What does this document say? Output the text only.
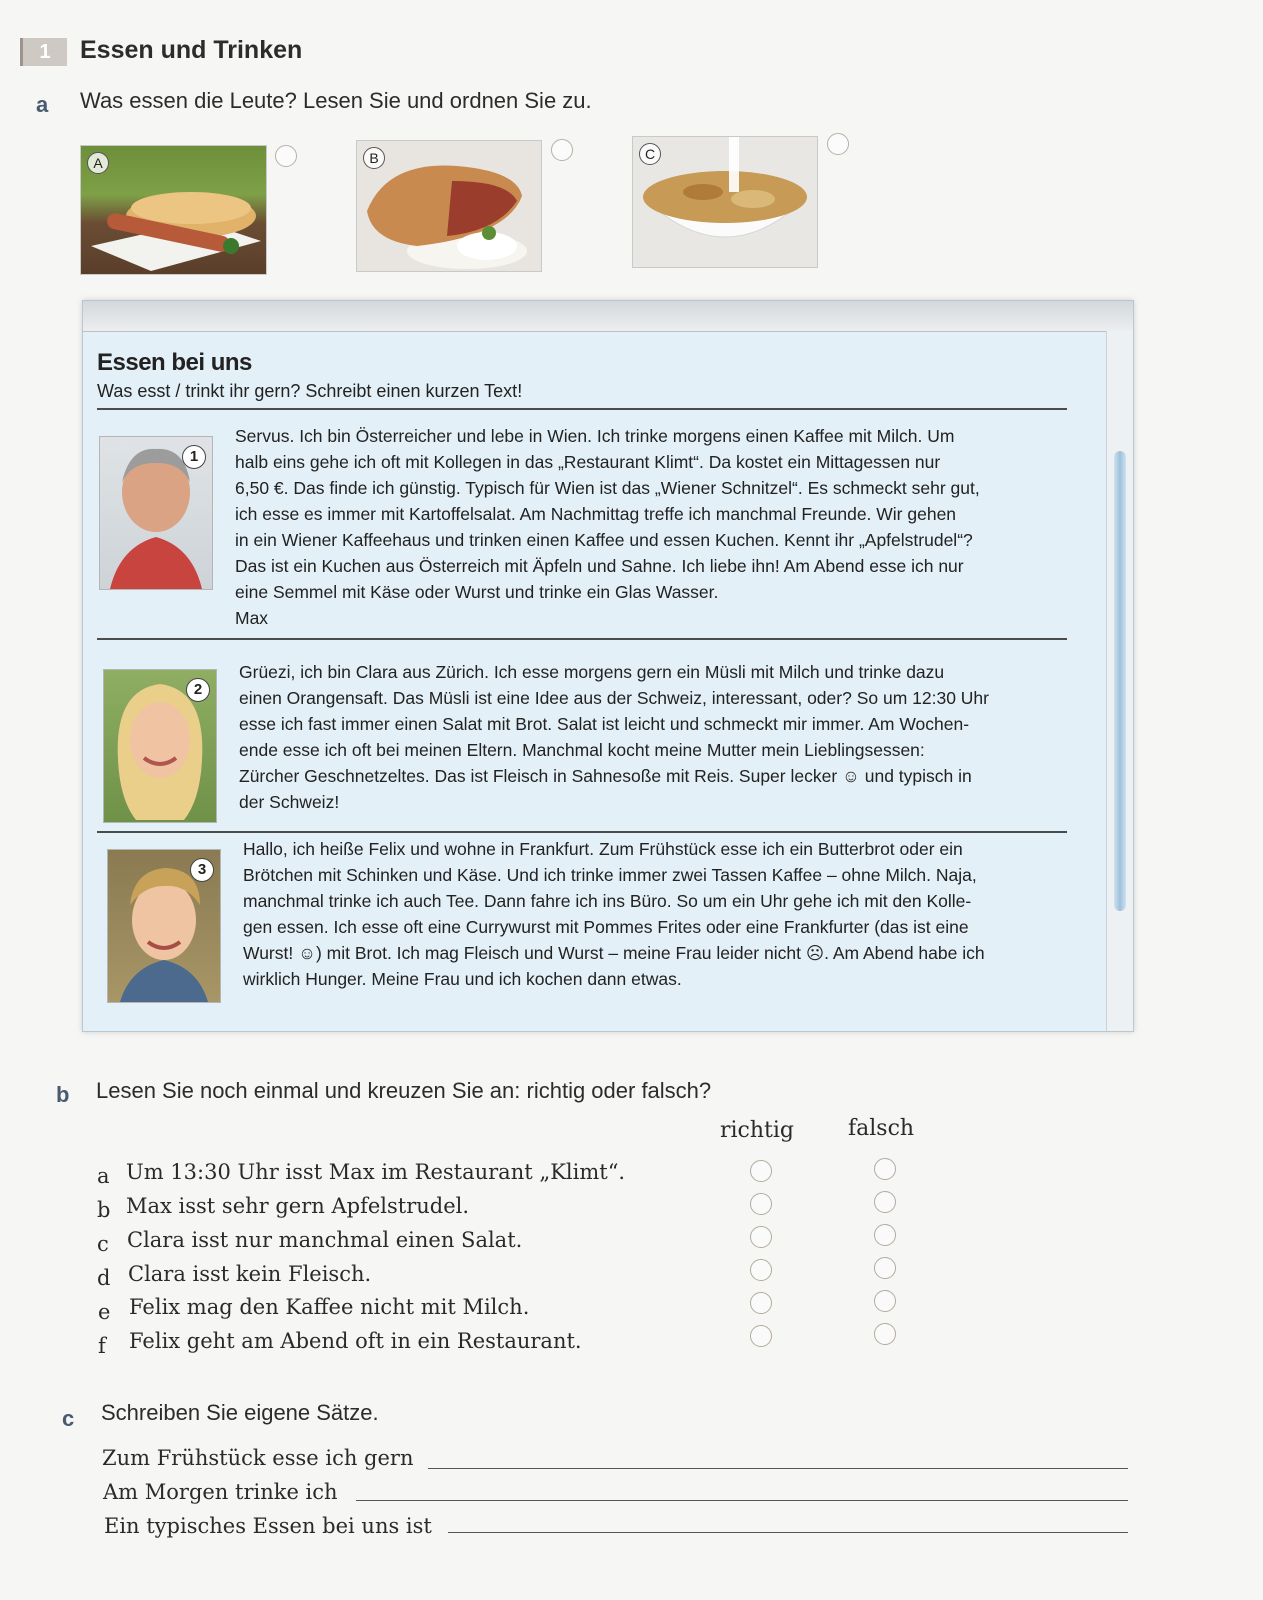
1	Essen und Trinken
a Was essen die Leute? Lesen Sie und ordnen Sie zu.
A	B	C
Essen bei uns
Was esst / trinkt ihr gern? Schreibt einen kurzen Text!
1
Servus. Ich bin Österreicher und lebe in Wien. Ich trinke morgens einen Kaffee mit Milch. Um
halb eins gehe ich oft mit Kollegen in das „Restaurant Klimt“. Da kostet ein Mittagessen nur
6,50 €. Das finde ich günstig. Typisch für Wien ist das „Wiener Schnitzel“. Es schmeckt sehr gut,
ich esse es immer mit Kartoffelsalat. Am Nachmittag treffe ich manchmal Freunde. Wir gehen
in ein Wiener Kaffeehaus und trinken einen Kaffee und essen Kuchen. Kennt ihr „Apfelstrudel“?
Das ist ein Kuchen aus Österreich mit Äpfeln und Sahne. Ich liebe ihn! Am Abend esse ich nur
eine Semmel mit Käse oder Wurst und trinke ein Glas Wasser.
Max
2
Grüezi, ich bin Clara aus Zürich. Ich esse morgens gern ein Müsli mit Milch und trinke dazu
einen Orangensaft. Das Müsli ist eine Idee aus der Schweiz, interessant, oder? So um 12:30 Uhr
esse ich fast immer einen Salat mit Brot. Salat ist leicht und schmeckt mir immer. Am Wochen-
ende esse ich oft bei meinen Eltern. Manchmal kocht meine Mutter mein Lieblingsessen:
Zürcher Geschnetzeltes. Das ist Fleisch in Sahnesoße mit Reis. Super lecker ☺ und typisch in
der Schweiz!
3
Hallo, ich heiße Felix und wohne in Frankfurt. Zum Frühstück esse ich ein Butterbrot oder ein
Brötchen mit Schinken und Käse. Und ich trinke immer zwei Tassen Kaffee – ohne Milch. Naja,
manchmal trinke ich auch Tee. Dann fahre ich ins Büro. So um ein Uhr gehe ich mit den Kolle-
gen essen. Ich esse oft eine Currywurst mit Pommes Frites oder eine Frankfurter (das ist eine
Wurst! ☺) mit Brot. Ich mag Fleisch und Wurst – meine Frau leider nicht ☹. Am Abend habe ich
wirklich Hunger. Meine Frau und ich kochen dann etwas.
b Lesen Sie noch einmal und kreuzen Sie an: richtig oder falsch?
richtig falsch
a Um 13:30 Uhr isst Max im Restaurant „Klimt“.
b Max isst sehr gern Apfelstrudel.
c Clara isst nur manchmal einen Salat.
d Clara isst kein Fleisch.
e Felix mag den Kaffee nicht mit Milch.
f Felix geht am Abend oft in ein Restaurant.
c Schreiben Sie eigene Sätze.
Zum Frühstück esse ich gern
Am Morgen trinke ich
Ein typisches Essen bei uns ist
